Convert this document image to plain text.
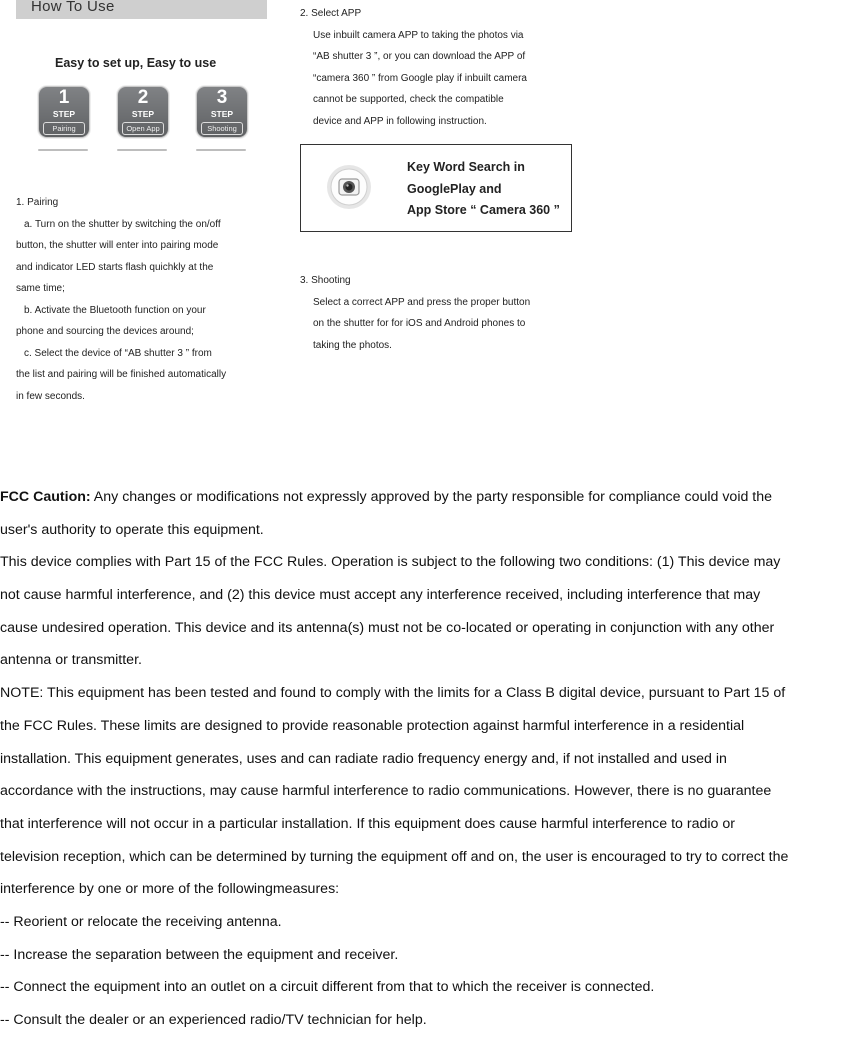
How To Use
Easy to set up, Easy to use
1
STEP
Pairing
2
STEP
Open App
3
STEP
Shooting

1. Pairing

a. Turn on the shutter by switching the on/off

button, the shutter will enter into pairing mode

and indicator LED starts flash quichkly at the

same time;

b. Activate the Bluetooth function on your

phone and sourcing the devices around;

c. Select the device of “AB shutter 3 ” from

the list and pairing will be finished automatically

in few seconds.

2. Select APP

Use inbuilt camera APP to taking the photos via

“AB shutter 3 ”, or you can download the APP of

“camera 360 ” from Google play if inbuilt camera

cannot be supported, check the compatible

device and APP in following instruction.

Key Word Search in
GooglePlay and
App Store “ Camera 360 ”

3. Shooting

Select a correct APP and press the proper button

on the shutter for for iOS and Android phones to

taking the photos.

FCC Caution: Any changes or modifications not expressly approved by the party responsible for compliance could void the
user's authority to operate this equipment.
This device complies with Part 15 of the FCC Rules. Operation is subject to the following two conditions: (1) This device may
not cause harmful interference, and (2) this device must accept any interference received, including interference that may
cause undesired operation. This device and its antenna(s) must not be co-located or operating in conjunction with any other
antenna or transmitter.
NOTE: This equipment has been tested and found to comply with the limits for a Class B digital device, pursuant to Part 15 of
the FCC Rules. These limits are designed to provide reasonable protection against harmful interference in a residential
installation. This equipment generates, uses and can radiate radio frequency energy and, if not installed and used in
accordance with the instructions, may cause harmful interference to radio communications. However, there is no guarantee
that interference will not occur in a particular installation. If this equipment does cause harmful interference to radio or
television reception, which can be determined by turning the equipment off and on, the user is encouraged to try to correct the
interference by one or more of the followingmeasures:
-- Reorient or relocate the receiving antenna.
-- Increase the separation between the equipment and receiver.
-- Connect the equipment into an outlet on a circuit different from that to which the receiver is connected.
-- Consult the dealer or an experienced radio/TV technician for help.
